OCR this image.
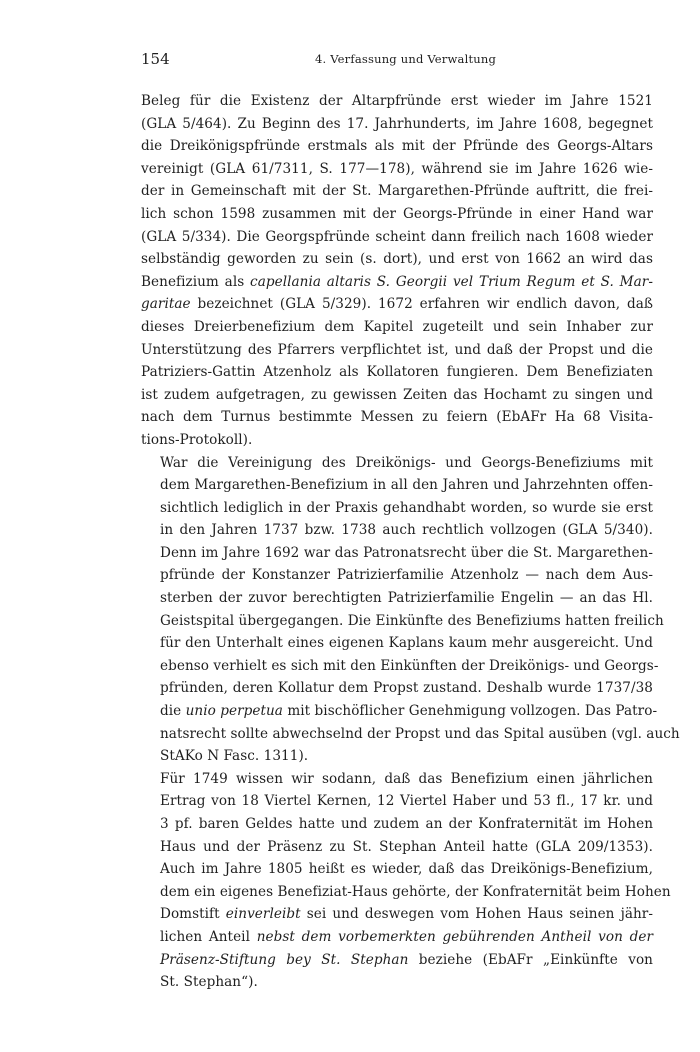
154	4. Verfassung und Verwaltung

Beleg für die Existenz der Altarpfründe erst wieder im Jahre 1521
(GLA 5/464). Zu Beginn des 17. Jahrhunderts, im Jahre 1608, begegnet
die Dreikönigspfründe erstmals als mit der Pfründe des Georgs-Altars
vereinigt (GLA 61/7311, S. 177—178), während sie im Jahre 1626 wie-
der in Gemeinschaft mit der St. Margarethen-Pfründe auftritt, die frei-
lich schon 1598 zusammen mit der Georgs-Pfründe in einer Hand war
(GLA 5/334). Die Georgspfründe scheint dann freilich nach 1608 wieder
selbständig geworden zu sein (s. dort), und erst von 1662 an wird das
Benefizium als capellania altaris S. Georgii vel Trium Regum et S. Mar-
garitae bezeichnet (GLA 5/329). 1672 erfahren wir endlich davon, daß
dieses Dreierbenefizium dem Kapitel zugeteilt und sein Inhaber zur
Unterstützung des Pfarrers verpflichtet ist, und daß der Propst und die
Patriziers-Gattin Atzenholz als Kollatoren fungieren. Dem Benefiziaten
ist zudem aufgetragen, zu gewissen Zeiten das Hochamt zu singen und
nach dem Turnus bestimmte Messen zu feiern (EbAFr Ha 68 Visita-
tions-Protokoll).

War die Vereinigung des Dreikönigs- und Georgs-Benefiziums mit
dem Margarethen-Benefizium in all den Jahren und Jahrzehnten offen-
sichtlich lediglich in der Praxis gehandhabt worden, so wurde sie erst
in den Jahren 1737 bzw. 1738 auch rechtlich vollzogen (GLA 5/340).
Denn im Jahre 1692 war das Patronatsrecht über die St. Margarethen-
pfründe der Konstanzer Patrizierfamilie Atzenholz — nach dem Aus-
sterben der zuvor berechtigten Patrizierfamilie Engelin — an das Hl.
Geistspital übergegangen. Die Einkünfte des Benefiziums hatten freilich
für den Unterhalt eines eigenen Kaplans kaum mehr ausgereicht. Und
ebenso verhielt es sich mit den Einkünften der Dreikönigs- und Georgs-
pfründen, deren Kollatur dem Propst zustand. Deshalb wurde 1737/38
die unio perpetua mit bischöflicher Genehmigung vollzogen. Das Patro-
natsrecht sollte abwechselnd der Propst und das Spital ausüben (vgl. auch
StAKo N Fasc. 1311).

Für 1749 wissen wir sodann, daß das Benefizium einen jährlichen
Ertrag von 18 Viertel Kernen, 12 Viertel Haber und 53 fl., 17 kr. und
3 pf. baren Geldes hatte und zudem an der Konfraternität im Hohen
Haus und der Präsenz zu St. Stephan Anteil hatte (GLA 209/1353).
Auch im Jahre 1805 heißt es wieder, daß das Dreikönigs-Benefizium,
dem ein eigenes Benefiziat-Haus gehörte, der Konfraternität beim Hohen
Domstift einverleibt sei und deswegen vom Hohen Haus seinen jähr-
lichen Anteil nebst dem vorbemerkten gebührenden Antheil von der
Präsenz-Stiftung bey St. Stephan beziehe (EbAFr „Einkünfte von
St. Stephan“).
